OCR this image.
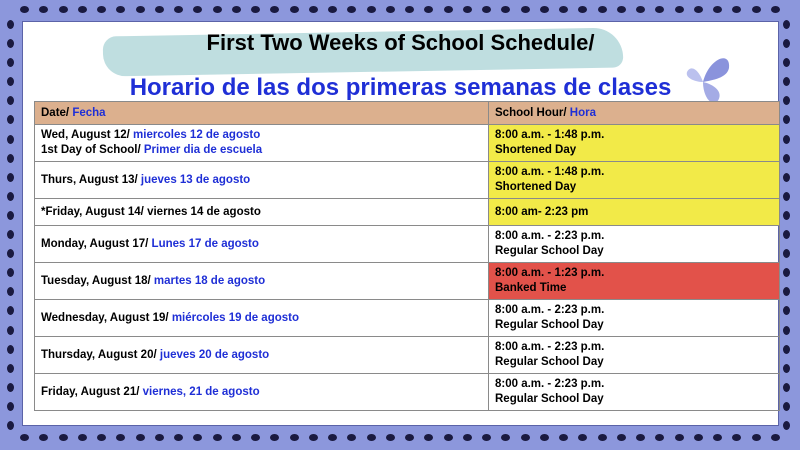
First Two Weeks of School Schedule/
Horario de las dos primeras semanas de clases
Date/ Fecha	School Hour/ Hora

Wed, August 12/ miercoles 12 de agosto
1st Day of School/ Primer dia de escuela	8:00 a.m. - 1:48 p.m.
Shortened Day

Thurs, August 13/ jueves 13 de agosto	8:00 a.m. - 1:48 p.m.
Shortened Day

*Friday, August 14/ viernes 14 de agosto	8:00 am- 2:23 pm

Monday, August 17/ Lunes 17 de agosto	8:00 a.m. - 2:23 p.m.
Regular School Day

Tuesday, August 18/ martes 18 de agosto	8:00 a.m. - 1:23 p.m.
Banked Time

Wednesday, August 19/ miércoles 19 de agosto	8:00 a.m. - 2:23 p.m.
Regular School Day

Thursday, August 20/ jueves 20 de agosto	8:00 a.m. - 2:23 p.m.
Regular School Day

Friday, August 21/ viernes, 21 de agosto	8:00 a.m. - 2:23 p.m.
Regular School Day
